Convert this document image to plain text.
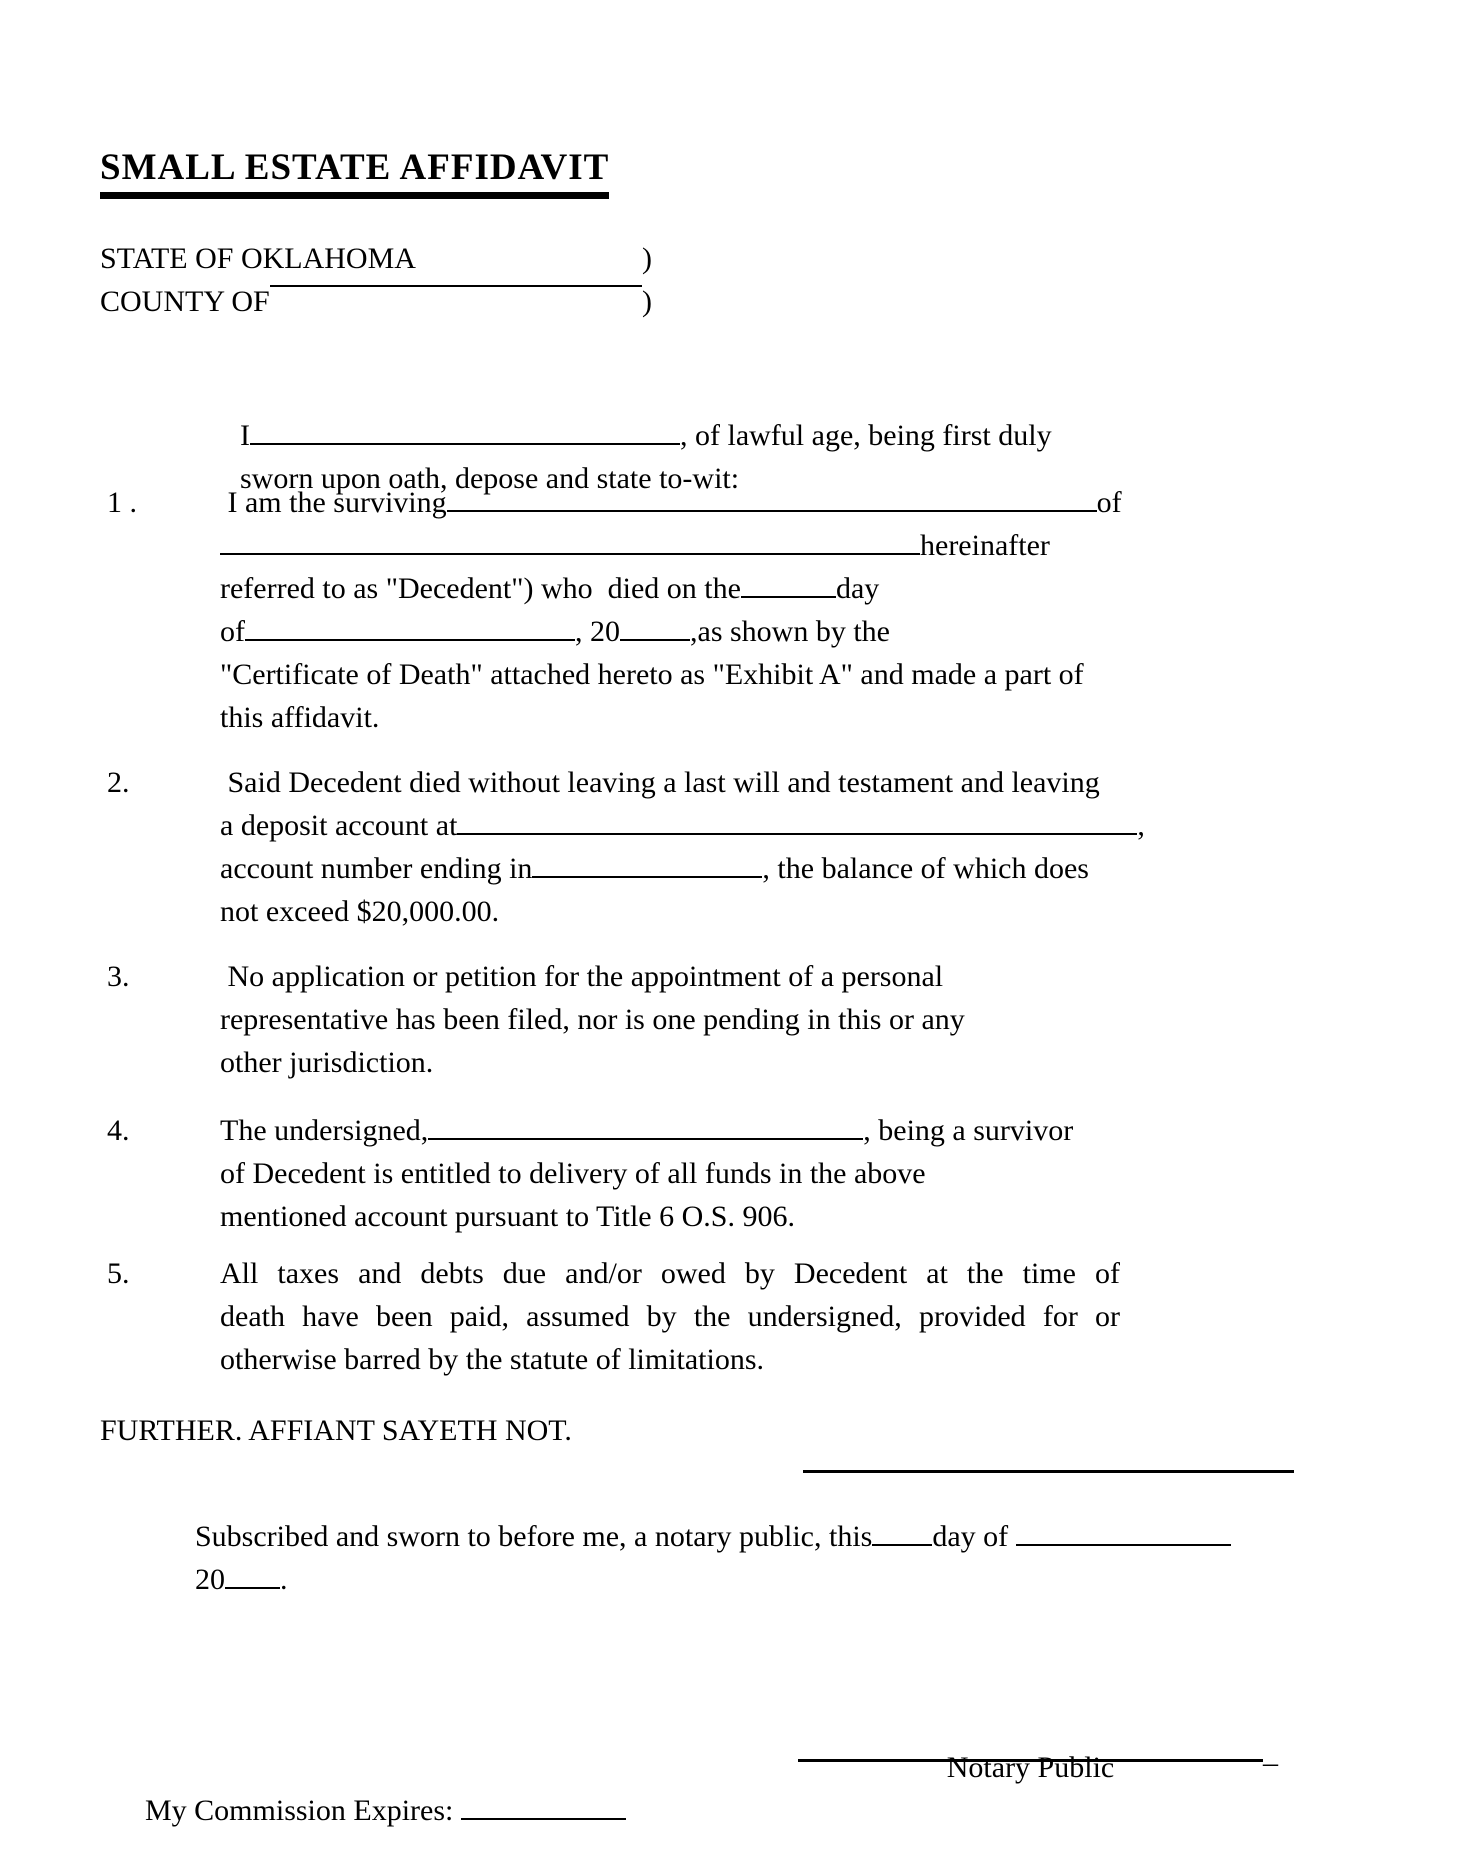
SMALL ESTATE AFFIDAVIT
STATE OF OKLAHOMA	)
COUNTY OF	)

I	, of lawful age, being first duly

sworn upon oath, depose and state to-wit:

1 .	I am the surviving	of
hereinafter
referred to as "Decedent") who  died on the	day
of	, 20 ,as shown by the
"Certificate of Death" attached hereto as "Exhibit A" and made a part of
this affidavit.
2.	Said Decedent died without leaving a last will and testament and leaving
a deposit account at	,
account number ending in	, the balance of which does
not exceed $20,000.00.
3.	No application or petition for the appointment of a personal
representative has been filed, nor is one pending in this or any
other jurisdiction.
4.	The undersigned,	, being a survivor
of Decedent is entitled to delivery of all funds in the above
mentioned account pursuant to Title 6 O.S. 906.
5.	All taxes and debts due and/or owed by Decedent at the time of
death have been paid, assumed by the undersigned, provided for or
otherwise barred by the statute of limitations.
FURTHER. AFFIANT SAYETH NOT.
Subscribed and sworn to before me, a notary public, this day of
20 .

My Commission Expires:

_
Notary Public
